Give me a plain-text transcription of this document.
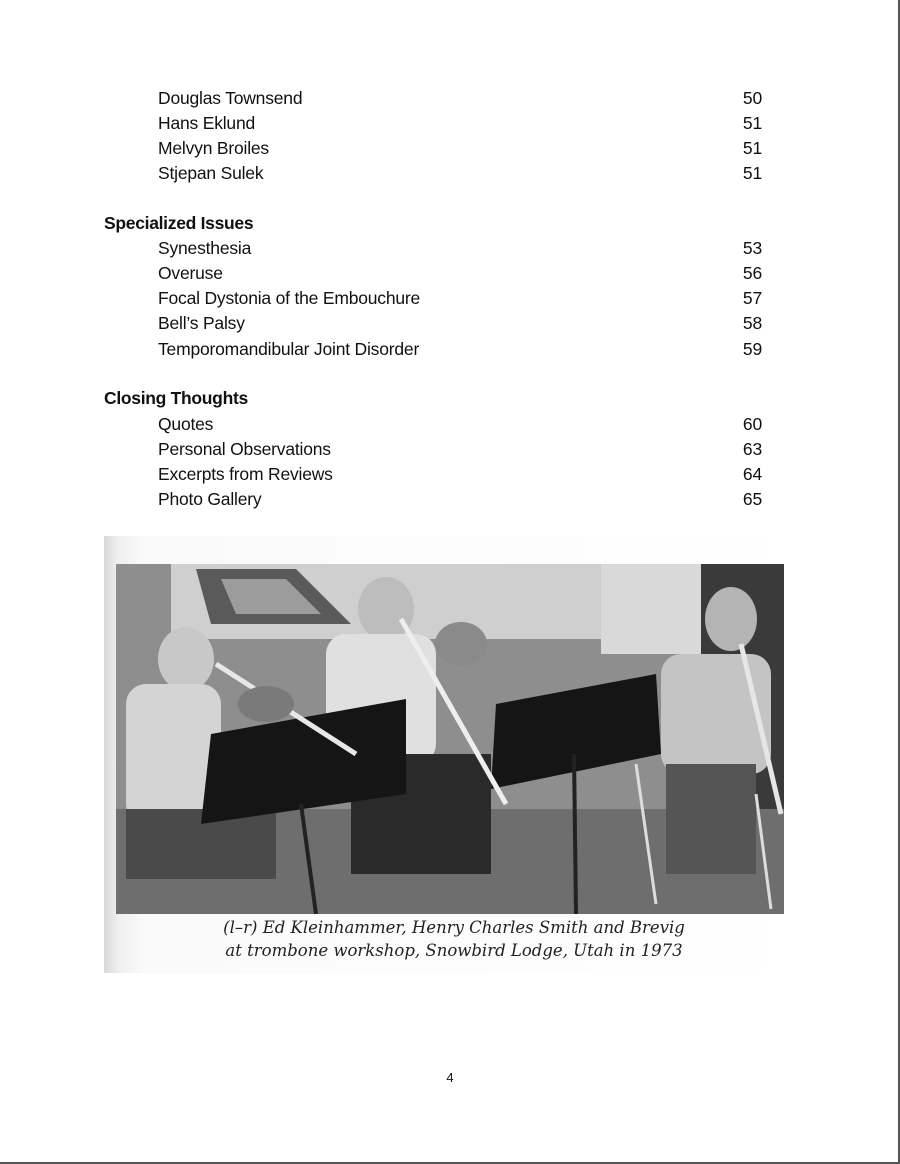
Douglas Townsend	50
Hans Eklund	51
Melvyn Broiles	51
Stjepan Sulek	51
Specialized Issues
Synesthesia	53
Overuse	56
Focal Dystonia of the Embouchure	57
Bell’s Palsy	58
Temporomandibular Joint Disorder	59
Closing Thoughts
Quotes	60
Personal Observations	63
Excerpts from Reviews	64
Photo Gallery	65
(l–r) Ed Kleinhammer, Henry Charles Smith and Brevig
at trombone workshop, Snowbird Lodge, Utah in 1973
4
